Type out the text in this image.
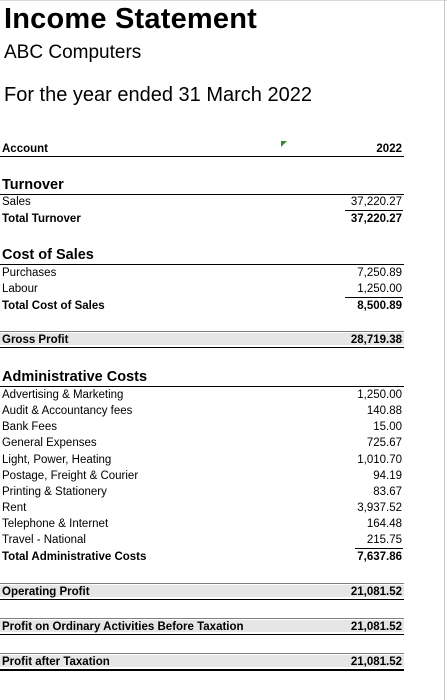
Income Statement
ABC Computers
For the year ended 31 March 2022
Account	2022
Turnover
Sales	37,220.27
Total Turnover	37,220.27
Cost of Sales
Purchases	7,250.89
Labour	1,250.00
Total Cost of Sales	8,500.89
Gross Profit	28,719.38
Administrative Costs
Advertising & Marketing	1,250.00
Audit & Accountancy fees	140.88
Bank Fees	15.00
General Expenses	725.67
Light, Power, Heating	1,010.70
Postage, Freight & Courier	94.19
Printing & Stationery	83.67
Rent	3,937.52
Telephone & Internet	164.48
Travel - National	215.75
Total Administrative Costs	7,637.86
Operating Profit	21,081.52
Profit on Ordinary Activities Before Taxation	21,081.52
Profit after Taxation	21,081.52
